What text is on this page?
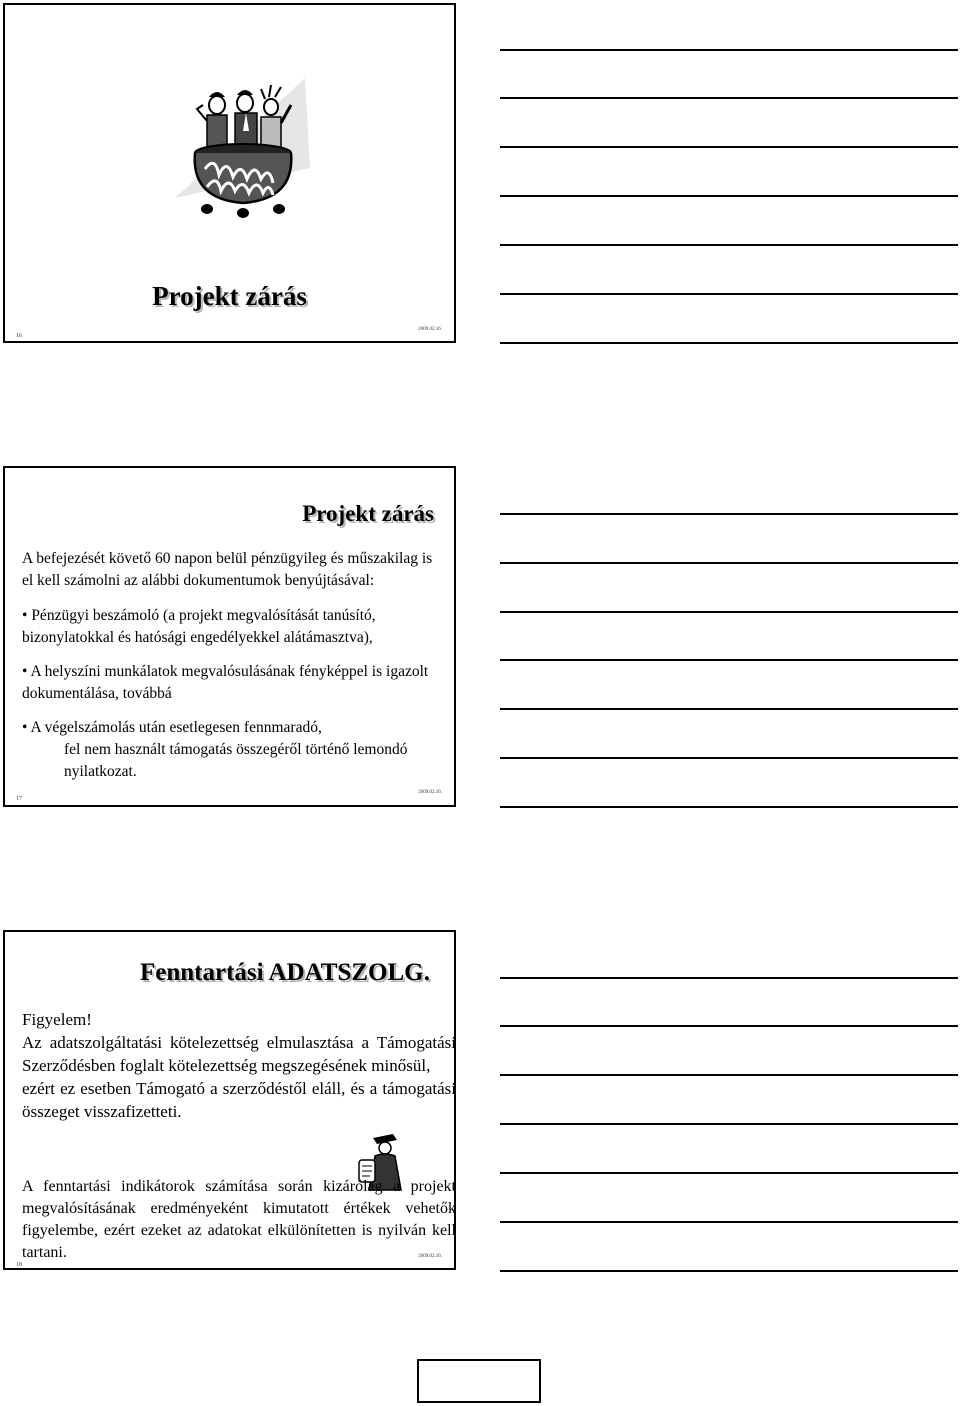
Projekt zárás
16
2009.02.16.
Projekt zárás

A befejezését követő 60 napon belül pénzügyileg és műszakilag is el kell számolni az alábbi dokumentumok benyújtásával:

• Pénzügyi beszámoló (a projekt megvalósítását tanúsító, bizonylatokkal és hatósági engedélyekkel alátámasztva),

• A helyszíni munkálatok megvalósulásának fényképpel is igazolt dokumentálása, továbbá

• A végelszámolás után esetlegesen fennmaradó,
fel nem használt támogatás összegéről történő lemondó nyilatkozat.

17
2009.02.16.
Fenntartási ADATSZOLG.

Figyelem!

Az adatszolgáltatási kötelezettség elmulasztása a Támogatási Szerződésben foglalt kötelezettség megszegésének minősül,

ezért ez esetben Támogató a szerződéstől eláll, és a támogatási összeget visszafizetteti.

A fenntartási indikátorok számítása során kizárólag a projekt megvalósításának eredményeként kimutatott értékek vehetők figyelembe, ezért ezeket az adatokat elkülönítetten is nyilván kell tartani.
18
2009.02.16.
